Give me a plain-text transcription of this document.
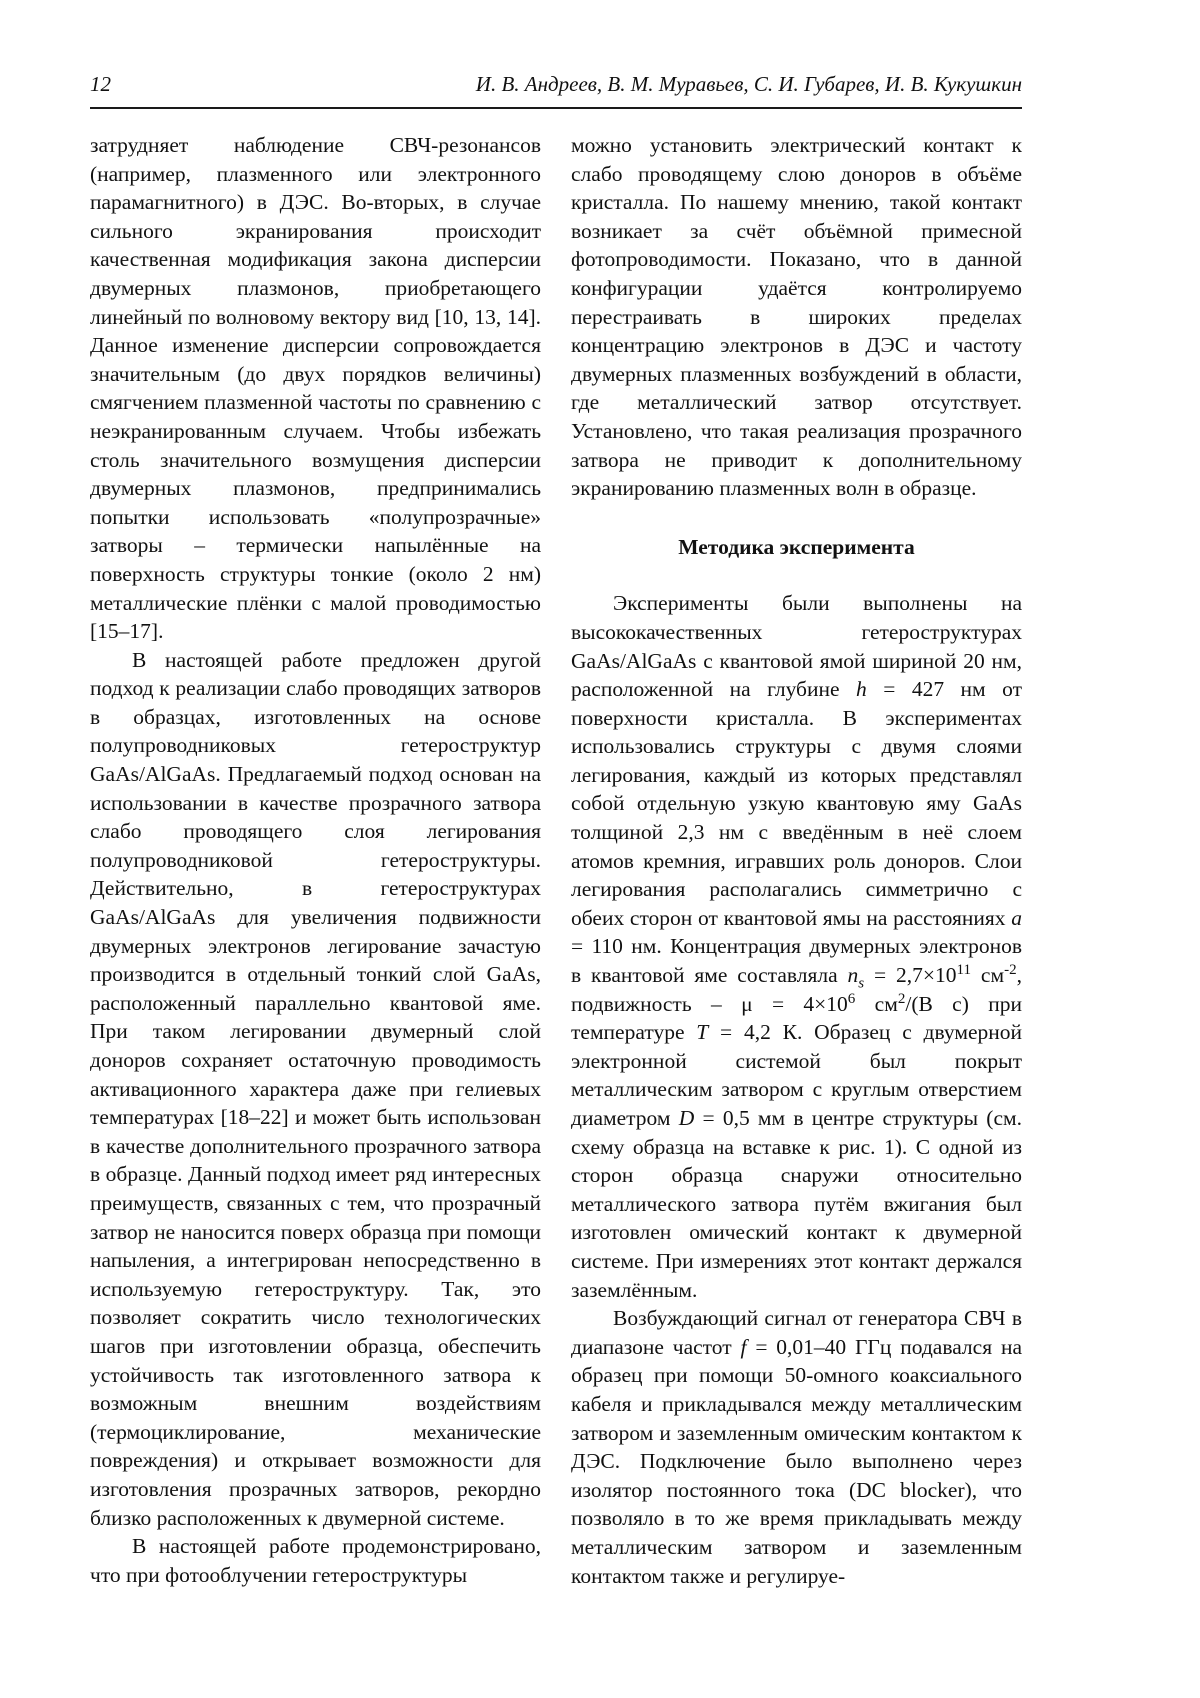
12	И. В. Андреев, В. М. Муравьев, С. И. Губарев, И. В. Кукушкин

затрудняет наблюдение СВЧ-резонансов (например, плазменного или электронного парамагнитного) в ДЭС. Во-вторых, в случае сильного экранирования происходит качественная модификация закона дисперсии двумерных плазмонов, приобретающего линейный по волновому вектору вид [10, 13, 14]. Данное изменение дисперсии сопровождается значительным (до двух порядков величины) смягчением плазменной частоты по сравнению с неэкранированным случаем. Чтобы избежать столь значительного возмущения дисперсии двумерных плазмонов, предпринимались попытки использовать «полупрозрачные» затворы – термически напылённые на поверхность структуры тонкие (около 2 нм) металлические плёнки с малой проводимостью [15–17].

В настоящей работе предложен другой подход к реализации слабо проводящих затворов в образцах, изготовленных на основе полупроводниковых гетероструктур GaAs/AlGaAs. Предлагаемый подход основан на использовании в качестве прозрачного затвора слабо проводящего слоя легирования полупроводниковой гетероструктуры. Действительно, в гетероструктурах GaAs/AlGaAs для увеличения подвижности двумерных электронов легирование зачастую производится в отдельный тонкий слой GaAs, расположенный параллельно квантовой яме. При таком легировании двумерный слой доноров сохраняет остаточную проводимость активационного характера даже при гелиевых температурах [18–22] и может быть использован в качестве дополнительного прозрачного затвора в образце. Данный подход имеет ряд интересных преимуществ, связанных с тем, что прозрачный затвор не наносится поверх образца при помощи напыления, а интегрирован непосредственно в используемую гетероструктуру. Так, это позволяет сократить число технологических шагов при изготовлении образца, обеспечить устойчивость так изготовленного затвора к возможным внешним воздействиям (термоциклирование, механические повреждения) и открывает возможности для изготовления прозрачных затворов, рекордно близко расположенных к двумерной системе.

В настоящей работе продемонстрировано, что при фотооблучении гетероструктуры

можно установить электрический контакт к слабо проводящему слою доноров в объёме кристалла. По нашему мнению, такой контакт возникает за счёт объёмной примесной фотопроводимости. Показано, что в данной конфигурации удаётся контролируемо перестраивать в широких пределах концентрацию электронов в ДЭС и частоту двумерных плазменных возбуждений в области, где металлический затвор отсутствует. Установлено, что такая реализация прозрачного затвора не приводит к дополнительному экранированию плазменных волн в образце.

Методика эксперимента

Эксперименты были выполнены на высококачественных гетероструктурах GaAs/AlGaAs с квантовой ямой шириной 20 нм, расположенной на глубине h = 427 нм от поверхности кристалла. В экспериментах использовались структуры с двумя слоями легирования, каждый из которых представлял собой отдельную узкую квантовую яму GaAs толщиной 2,3 нм с введённым в неё слоем атомов кремния, игравших роль доноров. Слои легирования располагались симметрично с обеих сторон от квантовой ямы на расстояниях a = 110 нм. Концентрация двумерных электронов в квантовой яме составляла $n_s = 2,7\times 10^{11}$ $см^{-2}$, подвижность – $\mu = 4\times 10^6$ $см^2/(В$ с) при температуре T = 4,2 К. Образец с двумерной электронной системой был покрыт металлическим затвором с круглым отверстием диаметром D = 0,5 мм в центре структуры (см. схему образца на вставке к рис. 1). С одной из сторон образца снаружи относительно металлического затвора путём вжигания был изготовлен омический контакт к двумерной системе. При измерениях этот контакт держался заземлённым.

Возбуждающий сигнал от генератора СВЧ в диапазоне частот f = 0,01–40 ГГц подавался на образец при помощи 50-омного коаксиального кабеля и прикладывался между металлическим затвором и заземленным омическим контактом к ДЭС. Подключение было выполнено через изолятор постоянного тока (DC blocker), что позволяло в то же время прикладывать между металлическим затвором и заземленным контактом также и регулируе-
